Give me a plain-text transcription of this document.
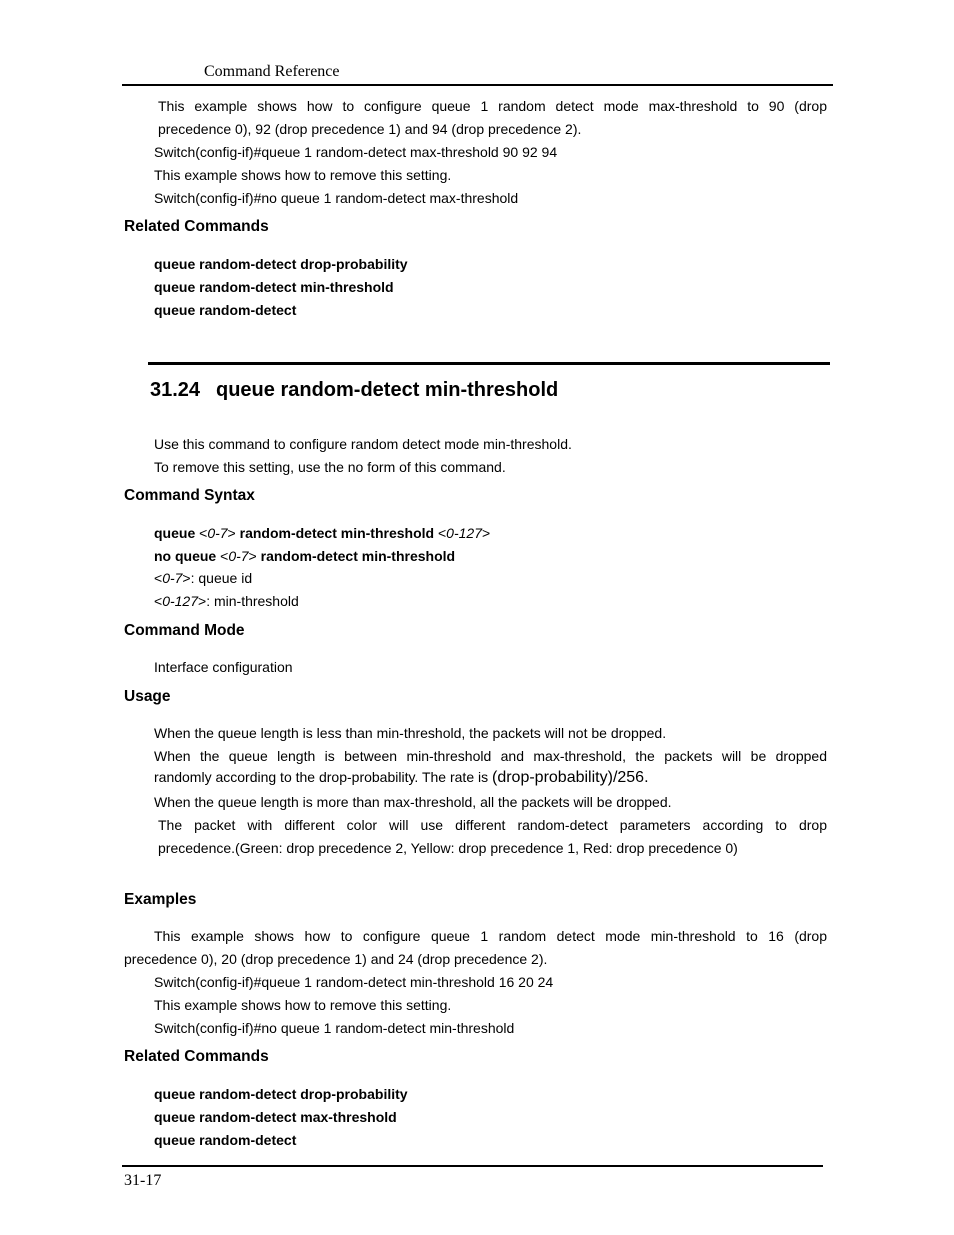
Command Reference
This example shows how to configure queue 1 random detect mode max-threshold to 90 (drop
precedence 0), 92 (drop precedence 1) and 94 (drop precedence 2).
Switch(config-if)#queue 1 random-detect max-threshold 90 92 94
This example shows how to remove this setting.
Switch(config-if)#no queue 1 random-detect max-threshold
Related Commands
queue random-detect drop-probability
queue random-detect min-threshold
queue random-detect
31.24 queue random-detect min-threshold
Use this command to configure random detect mode min-threshold.
To remove this setting, use the no form of this command.
Command Syntax
queue <0-7> random-detect min-threshold <0-127>
no queue <0-7> random-detect min-threshold
<0-7>: queue id
<0-127>: min-threshold
Command Mode
Interface configuration
Usage
When the queue length is less than min-threshold, the packets will not be dropped.
When the queue length is between min-threshold and max-threshold, the packets will be dropped
randomly according to the drop-probability. The rate is (drop-probability)/256.
When the queue length is more than max-threshold, all the packets will be dropped.
The packet with different color will use different random-detect parameters according to drop
precedence.(Green: drop precedence 2, Yellow: drop precedence 1, Red: drop precedence 0)
Examples
This example shows how to configure queue 1 random detect mode min-threshold to 16 (drop
precedence 0), 20 (drop precedence 1) and 24 (drop precedence 2).
Switch(config-if)#queue 1 random-detect min-threshold 16 20 24
This example shows how to remove this setting.
Switch(config-if)#no queue 1 random-detect min-threshold
Related Commands
queue random-detect drop-probability
queue random-detect max-threshold
queue random-detect
31-17
